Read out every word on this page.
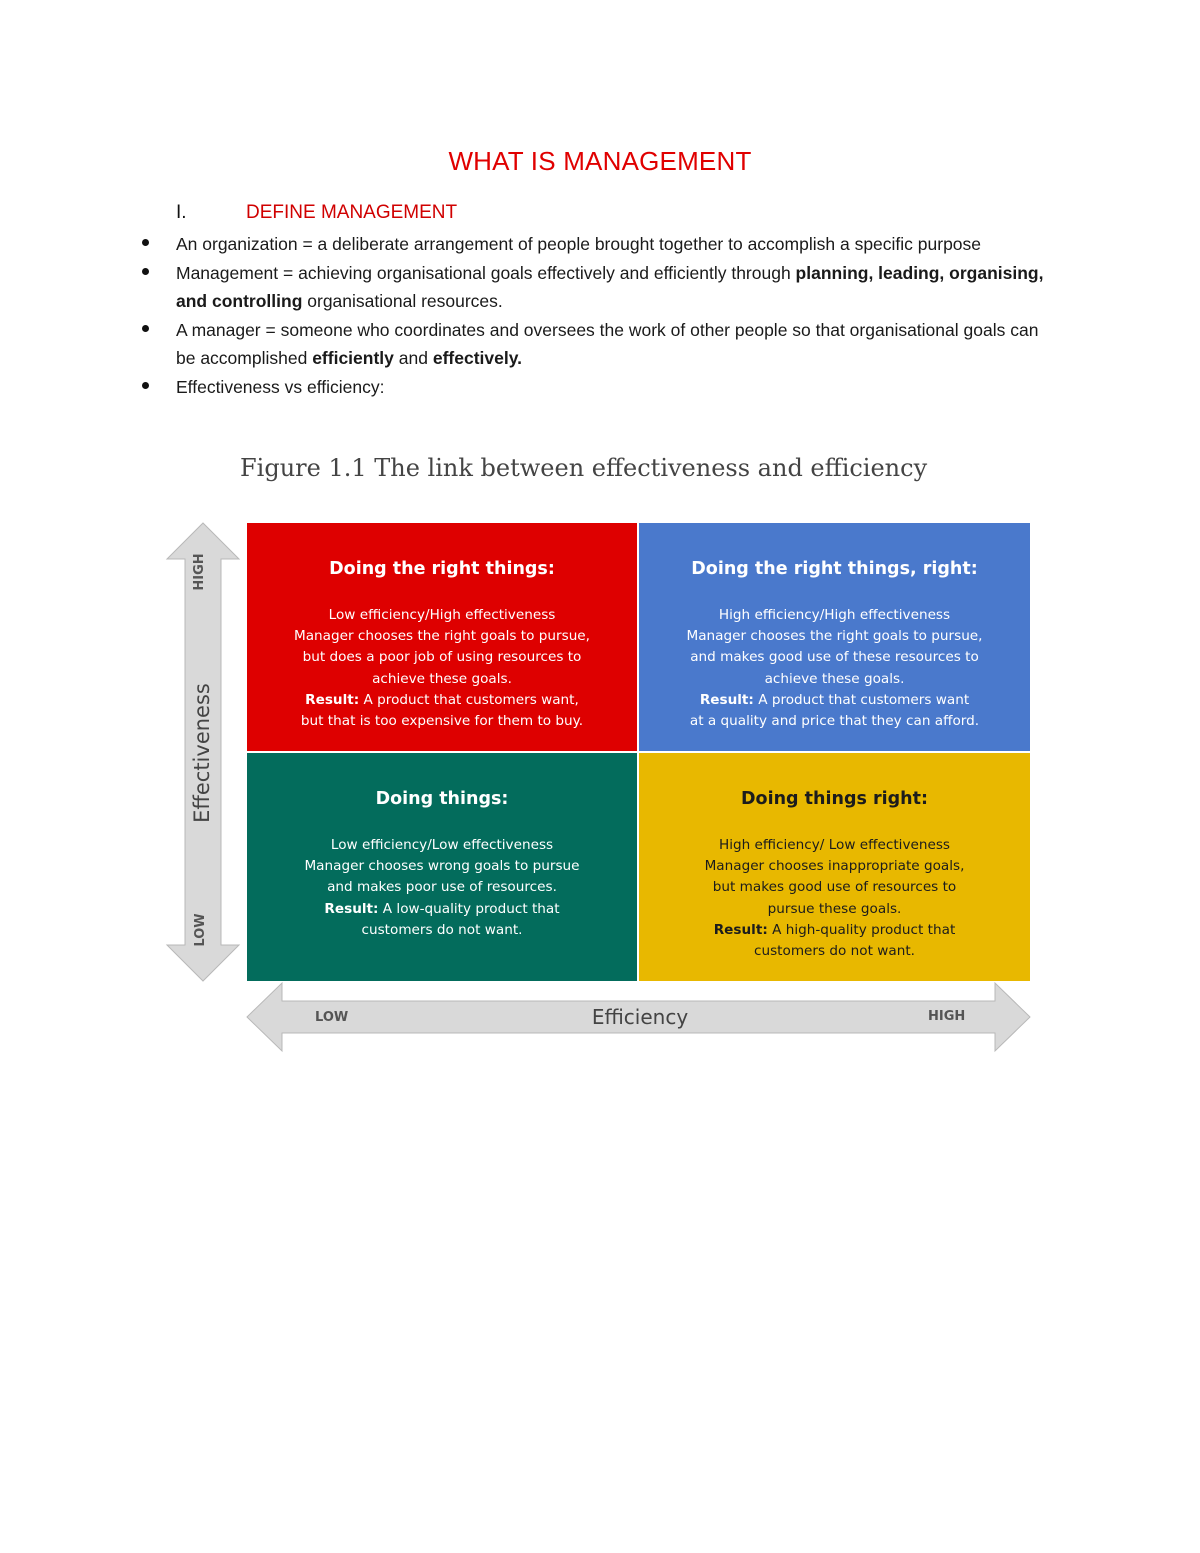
WHAT IS MANAGEMENT
I.	DEFINE MANAGEMENT
An organization = a deliberate arrangement of people brought together to accomplish a specific purpose
Management = achieving organisational goals effectively and efficiently through planning, leading, organising, and controlling organisational resources.
A manager = someone who coordinates and oversees the work of other people so that organisational goals can be accomplished efficiently and effectively.
Effectiveness vs efficiency:
Figure 1.1 The link between effectiveness and efficiency
HIGH
Effectiveness
LOW
LOW	Efficiency	HIGH
Doing the right things:
Low efficiency/High effectiveness
Manager chooses the right goals to pursue,
but does a poor job of using resources to
achieve these goals.
Result: A product that customers want,
but that is too expensive for them to buy.
Doing the right things, right:
High efficiency/High effectiveness
Manager chooses the right goals to pursue,
and makes good use of these resources to
achieve these goals.
Result: A product that customers want
at a quality and price that they can afford.
Doing things:
Low efficiency/Low effectiveness
Manager chooses wrong goals to pursue
and makes poor use of resources.
Result: A low-quality product that
customers do not want.
Doing things right:
High efficiency/ Low effectiveness
Manager chooses inappropriate goals,
but makes good use of resources to
pursue these goals.
Result: A high-quality product that
customers do not want.
